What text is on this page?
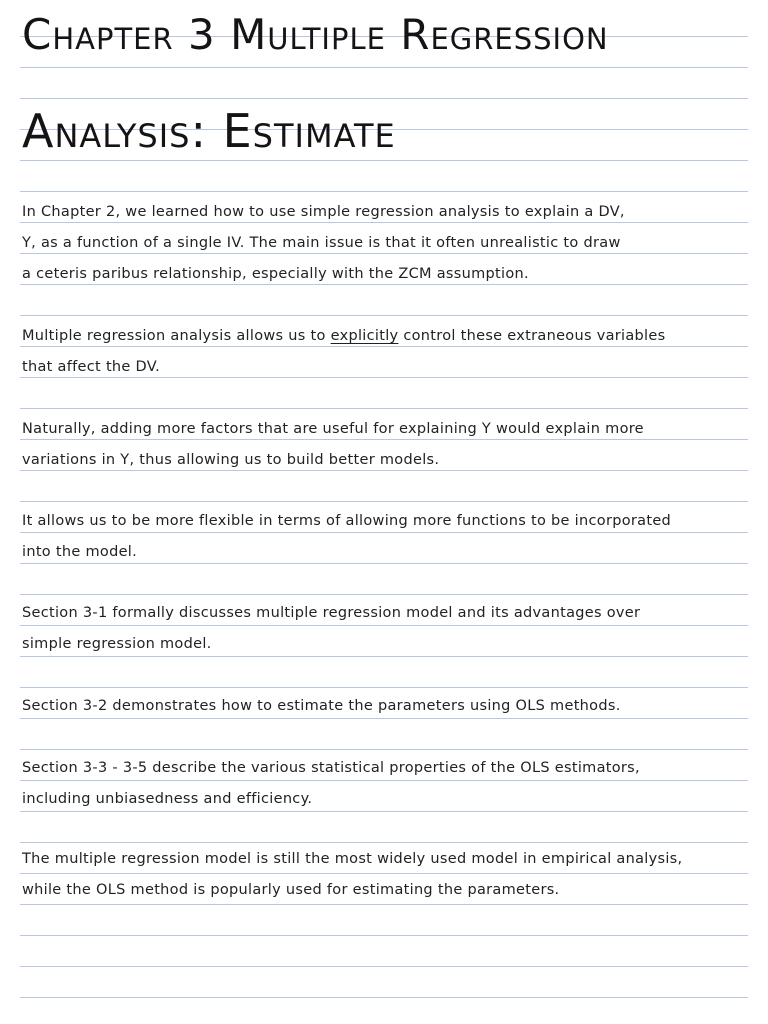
Chapter 3 Multiple Regression
Analysis: Estimate

In Chapter 2, we learned how to use simple regression analysis to explain a DV,

Y, as a function of a single IV. The main issue is that it often unrealistic to draw

a ceteris paribus relationship, especially with the ZCM assumption.

Multiple regression analysis allows us to explicitly control these extraneous variables

that affect the DV.

Naturally, adding more factors that are useful for explaining Y would explain more

variations in Y, thus allowing us to build better models.

It allows us to be more flexible in terms of allowing more functions to be incorporated

into the model.

Section 3-1 formally discusses multiple regression model and its advantages over

simple regression model.

Section 3-2 demonstrates how to estimate the parameters using OLS methods.

Section 3-3 - 3-5 describe the various statistical properties of the OLS estimators,

including unbiasedness and efficiency.

The multiple regression model is still the most widely used model in empirical analysis,

while the OLS method is popularly used for estimating the parameters.
